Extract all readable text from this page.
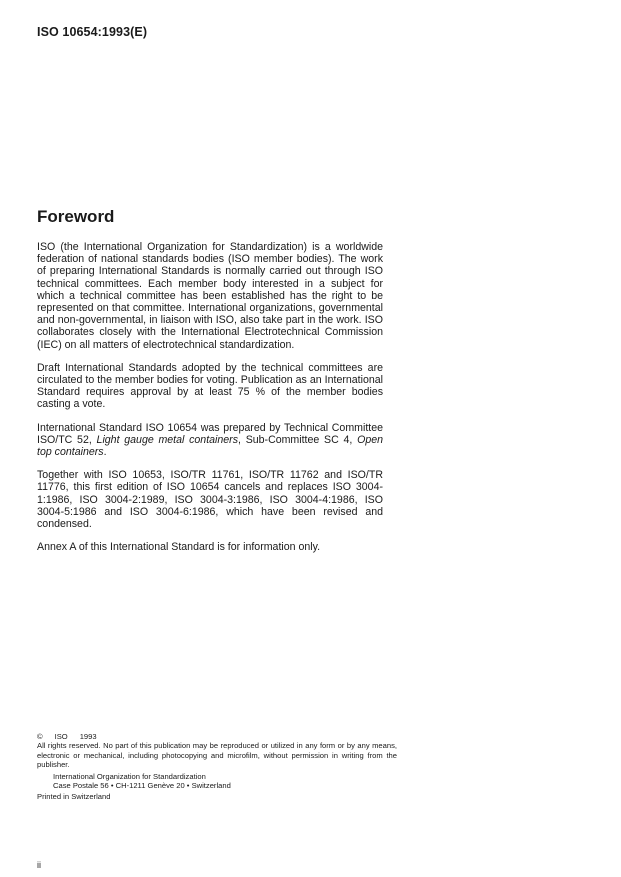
ISO 10654:1993(E)
Foreword

ISO (the International Organization for Standardization) is a worldwide federation of national standards bodies (ISO member bodies). The work of preparing International Standards is normally carried out through ISO technical committees. Each member body interested in a subject for which a technical committee has been established has the right to be represented on that committee. International organizations, governmental and non-governmental, in liaison with ISO, also take part in the work. ISO collaborates closely with the International Electrotechnical Commission (IEC) on all matters of electrotechnical standardization.

Draft International Standards adopted by the technical committees are circulated to the member bodies for voting. Publication as an International Standard requires approval by at least 75 % of the member bodies casting a vote.

International Standard ISO 10654 was prepared by Technical Committee ISO/TC 52, Light gauge metal containers, Sub-Committee SC 4, Open top containers.

Together with ISO 10653, ISO/TR 11761, ISO/TR 11762 and ISO/TR 11776, this first edition of ISO 10654 cancels and replaces ISO 3004-1:1986, ISO 3004-2:1989, ISO 3004-3:1986, ISO 3004-4:1986, ISO 3004-5:1986 and ISO 3004-6:1986, which have been revised and condensed.

Annex A of this International Standard is for information only.

© ISO 1993
All rights reserved. No part of this publication may be reproduced or utilized in any form or by any means, electronic or mechanical, including photocopying and microfilm, without permission in writing from the publisher.
International Organization for Standardization
Case Postale 56 • CH-1211 Genève 20 • Switzerland
Printed in Switzerland
ii
